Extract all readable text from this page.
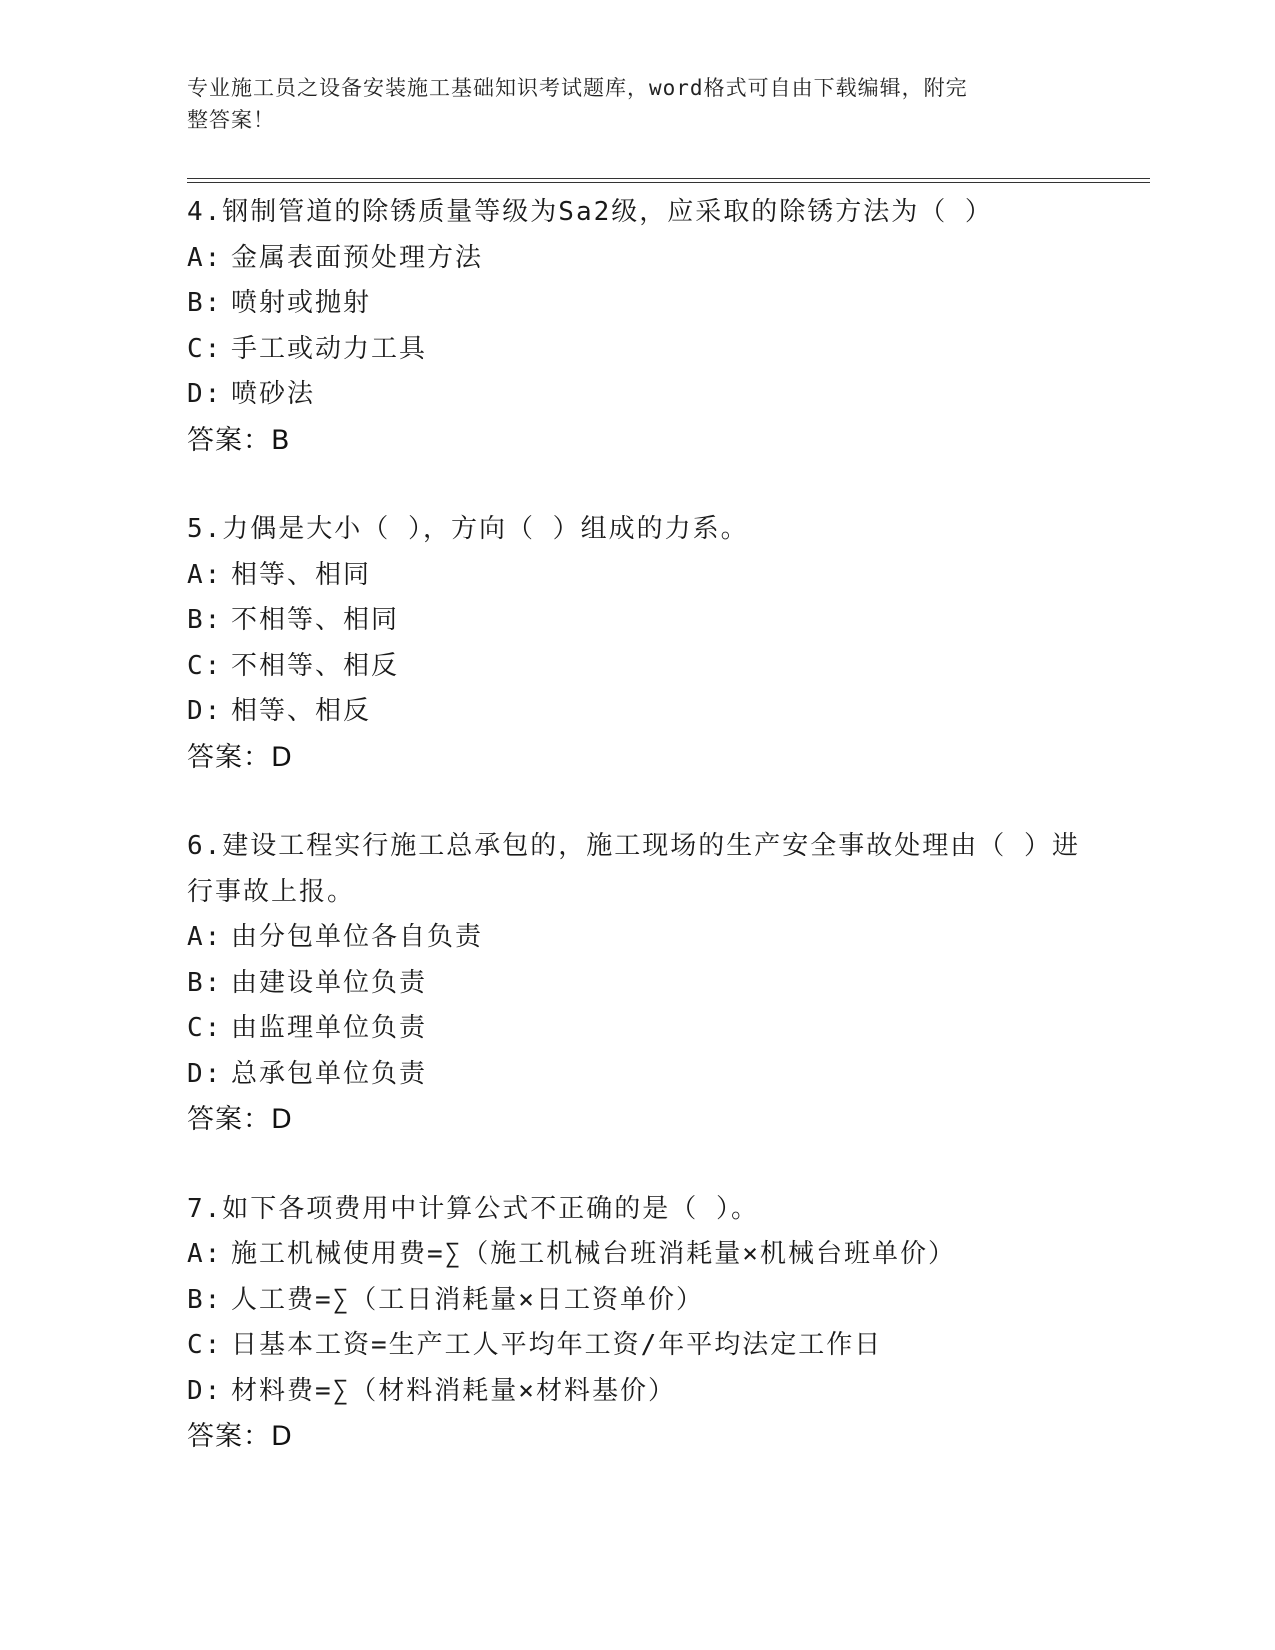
专业施工员之设备安装施工基础知识考试题库，word格式可自由下载编辑，附完
整答案！

4.钢制管道的除锈质量等级为Sa2级，应采取的除锈方法为（ ）

A: 金属表面预处理方法
B: 喷射或抛射
C: 手工或动力工具
D: 喷砂法
答案：B

5.力偶是大小（ ），方向（ ）组成的力系。

A: 相等、相同
B: 不相等、相同
C: 不相等、相反
D: 相等、相反
答案：D

6.建设工程实行施工总承包的，施工现场的生产安全事故处理由（ ）进行事故上报。

A: 由分包单位各自负责
B: 由建设单位负责
C: 由监理单位负责
D: 总承包单位负责
答案：D

7.如下各项费用中计算公式不正确的是（ ）。

A: 施工机械使用费=∑（施工机械台班消耗量×机械台班单价）
B: 人工费=∑（工日消耗量×日工资单价）
C: 日基本工资=生产工人平均年工资/年平均法定工作日
D: 材料费=∑（材料消耗量×材料基价）
答案：D
